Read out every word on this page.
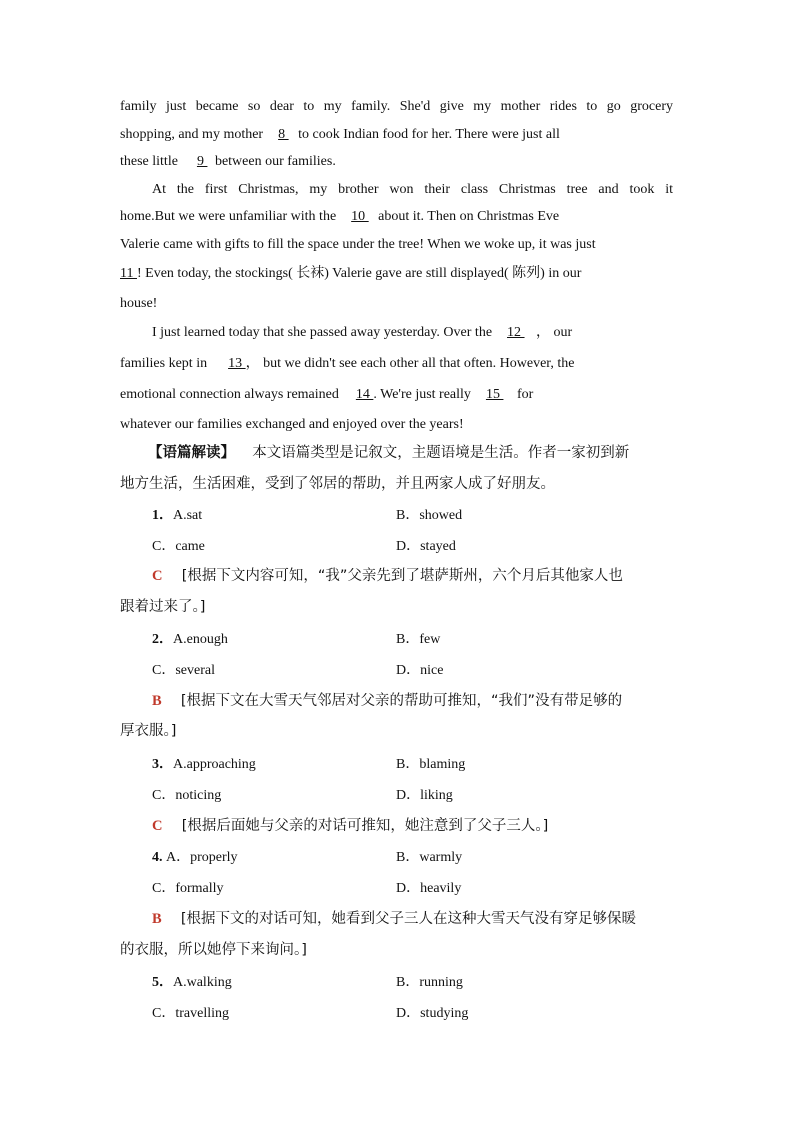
family just became so dear to my family. She'd give my mother rides to go grocery
shopping, and my mother  8  to cook Indian food for her. There were just all
these little  9  between our families.
At the first Christmas, my brother won their class Christmas tree and took it
home.But we were unfamiliar with the  10  about it. Then on Christmas Eve
Valerie came with gifts to fill the space under the tree! When we woke up, it was just
11 ! Even today, the stockings( 长袜) Valerie gave are still displayed( 陈列) in our
house!
I just learned today that she passed away yesterday. Over the  12  ， our
families kept in  13 ， but we didn't see each other all that often. However, the
emotional connection always remained  14 . We're just really  15  for
whatever our families exchanged and enjoyed over the years!
【语篇解读】 本文语篇类型是记叙文，主题语境是生活。作者一家初到新
地方生活，生活困难，受到了邻居的帮助，并且两家人成了好朋友。
1．A.sat	B．showed
C．came	D．stayed
C [根据下文内容可知，“我”父亲先到了堪萨斯州，六个月后其他家人也
跟着过来了。]
2．A.enough	B．few
C．several	D．nice
B [根据下文在大雪天气邻居对父亲的帮助可推知，“我们”没有带足够的
厚衣服。]
3．A.approaching	B．blaming
C．noticing	D．liking
C [根据后面她与父亲的对话可推知，她注意到了父子三人。]
4. A．properly	B．warmly
C．formally	D．heavily
B [根据下文的对话可知，她看到父子三人在这种大雪天气没有穿足够保暖
的衣服，所以她停下来询问。]
5．A.walking	B．running
C．travelling	D．studying
